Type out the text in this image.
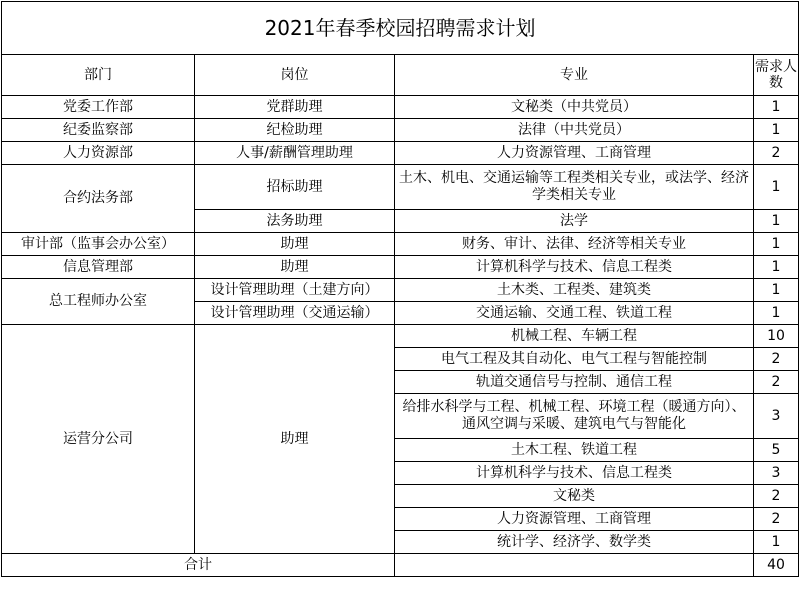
2021年春季校园招聘需求计划			
部门	岗位	专业	需求人数
党委工作部	党群助理	文秘类（中共党员）	1
纪委监察部	纪检助理	法律（中共党员）	1
人力资源部	人事/薪酬管理助理	人力资源管理、工商管理	2
合约法务部	招标助理	土木、机电、交通运输等工程类相关专业，或法学、经济学类相关专业	1
	法务助理	法学	1
审计部（监事会办公室）	助理	财务、审计、法律、经济等相关专业	1
信息管理部	助理	计算机科学与技术、信息工程类	1
总工程师办公室	设计管理助理（土建方向）	土木类、工程类、建筑类	1
	设计管理助理（交通运输）	交通运输、交通工程、铁道工程	1
运营分公司	助理	机械工程、车辆工程	10
		电气工程及其自动化、电气工程与智能控制	2
		轨道交通信号与控制、通信工程	2
		给排水科学与工程、机械工程、环境工程（暖通方向）、通风空调与采暖、建筑电气与智能化	3
		土木工程、铁道工程	5
		计算机科学与技术、信息工程类	3
		文秘类	2
		人力资源管理、工商管理	2
		统计学、经济学、数学类	1
合计			40
